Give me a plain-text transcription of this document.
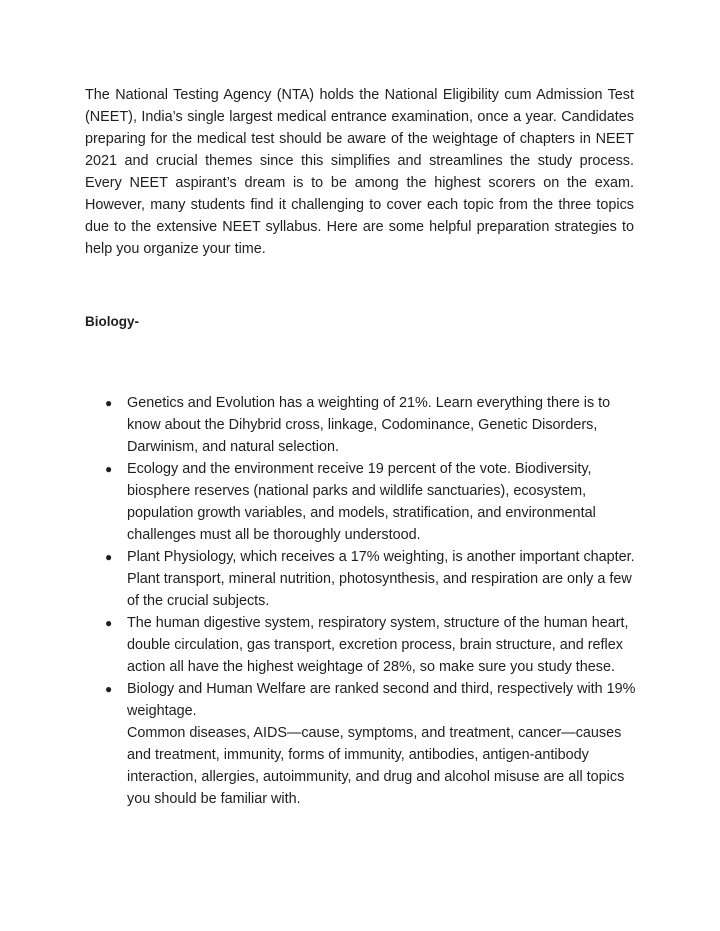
The National Testing Agency (NTA) holds the National Eligibility cum Admission Test (NEET), India’s single largest medical entrance examination, once a year. Candidates preparing for the medical test should be aware of the weightage of chapters in NEET 2021 and crucial themes since this simplifies and streamlines the study process. Every NEET aspirant’s dream is to be among the highest scorers on the exam. However, many students find it challenging to cover each topic from the three topics due to the extensive NEET syllabus. Here are some helpful preparation strategies to help you organize your time.

Biology-

● Genetics and Evolution has a weighting of 21%. Learn everything there is to know about the Dihybrid cross, linkage, Codominance, Genetic Disorders, Darwinism, and natural selection.
● Ecology and the environment receive 19 percent of the vote. Biodiversity, biosphere reserves (national parks and wildlife sanctuaries), ecosystem, population growth variables, and models, stratification, and environmental challenges must all be thoroughly understood.
● Plant Physiology, which receives a 17% weighting, is another important chapter. Plant transport, mineral nutrition, photosynthesis, and respiration are only a few of the crucial subjects.
● The human digestive system, respiratory system, structure of the human heart, double circulation, gas transport, excretion process, brain structure, and reflex action all have the highest weightage of 28%, so make sure you study these.
● Biology and Human Welfare are ranked second and third, respectively with 19% weightage.
Common diseases, AIDS—cause, symptoms, and treatment, cancer—causes and treatment, immunity, forms of immunity, antibodies, antigen-antibody interaction, allergies, autoimmunity, and drug and alcohol misuse are all topics you should be familiar with.
